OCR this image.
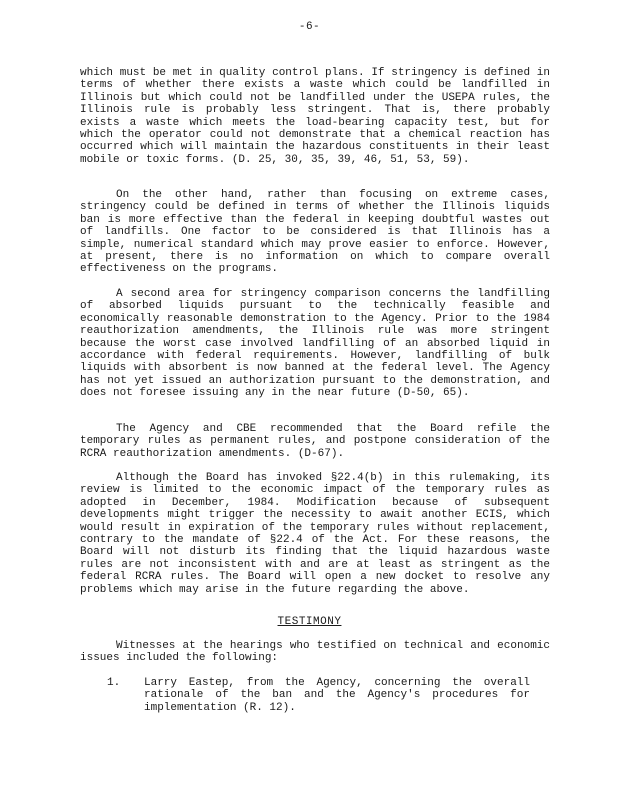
-6-

which must be met in quality control plans. If stringency is defined in terms of whether there exists a waste which could be landfilled in Illinois but which could not be landfilled under the USEPA rules, the Illinois rule is probably less stringent. That is, there probably exists a waste which meets the load-bearing capacity test, but for which the operator could not demonstrate that a chemical reaction has occurred which will maintain the hazardous constituents in their least mobile or toxic forms. (D. 25, 30, 35, 39, 46, 51, 53, 59).

On the other hand, rather than focusing on extreme cases, stringency could be defined in terms of whether the Illinois liquids ban is more effective than the federal in keeping doubtful wastes out of landfills. One factor to be considered is that Illinois has a simple, numerical standard which may prove easier to enforce. However, at present, there is no information on which to compare overall effectiveness on the programs.

A second area for stringency comparison concerns the landfilling of absorbed liquids pursuant to the technically feasible and economically reasonable demonstration to the Agency. Prior to the 1984 reauthorization amendments, the Illinois rule was more stringent because the worst case involved landfilling of an absorbed liquid in accordance with federal requirements. However, landfilling of bulk liquids with absorbent is now banned at the federal level. The Agency has not yet issued an authorization pursuant to the demonstration, and does not foresee issuing any in the near future (D-50, 65).

The Agency and CBE recommended that the Board refile the temporary rules as permanent rules, and postpone consideration of the RCRA reauthorization amendments. (D-67).

Although the Board has invoked §22.4(b) in this rulemaking, its review is limited to the economic impact of the temporary rules as adopted in December, 1984. Modification because of subsequent developments might trigger the necessity to await another ECIS, which would result in expiration of the temporary rules without replacement, contrary to the mandate of §22.4 of the Act. For these reasons, the Board will not disturb its finding that the liquid hazardous waste rules are not inconsistent with and are at least as stringent as the federal RCRA rules. The Board will open a new docket to resolve any problems which may arise in the future regarding the above.

TESTIMONY

Witnesses at the hearings who testified on technical and economic issues included the following:

1. Larry Eastep, from the Agency, concerning the overall rationale of the ban and the Agency's procedures for implementation (R. 12).
